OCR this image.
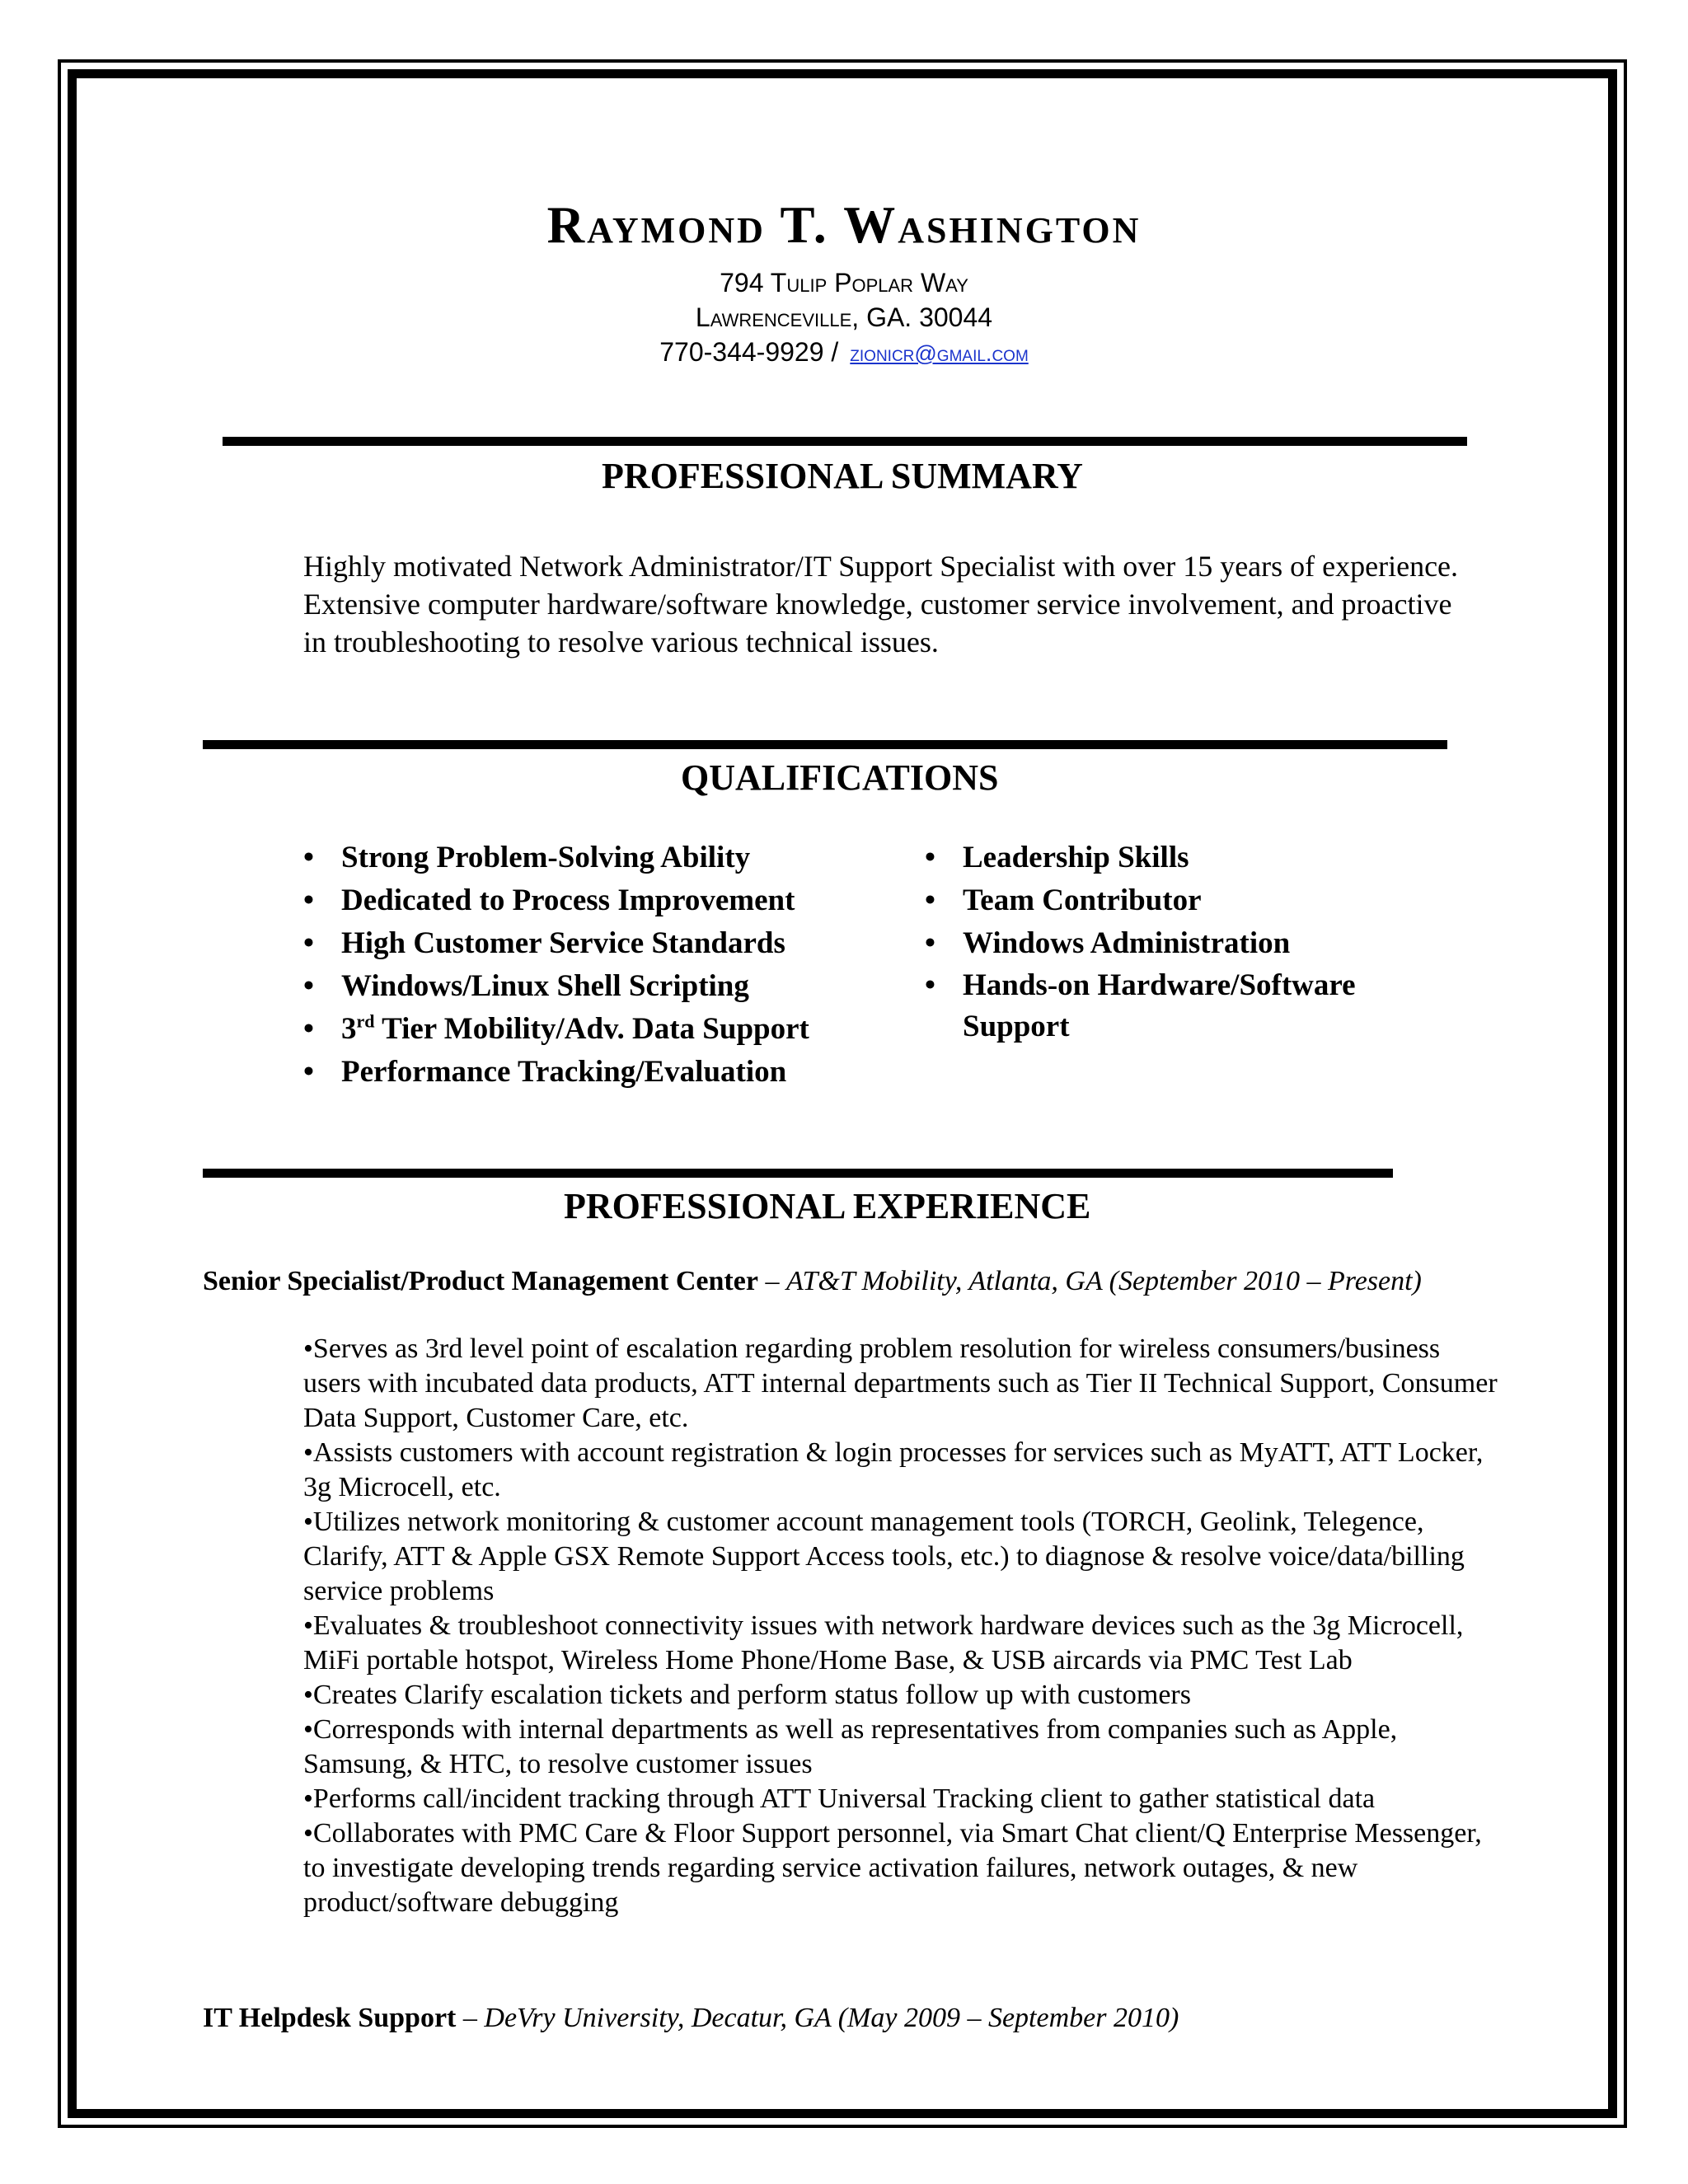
Raymond T. Washington
794 Tulip Poplar Way
Lawrenceville, GA. 30044
770-344-9929 / zionicr@gmail.com
PROFESSIONAL SUMMARY
Highly motivated Network Administrator/IT Support Specialist with over 15 years of experience. Extensive computer hardware/software knowledge, customer service involvement, and proactive in troubleshooting to resolve various technical issues.
QUALIFICATIONS
• Strong Problem-Solving Ability
• Dedicated to Process Improvement
• High Customer Service Standards
• Windows/Linux Shell Scripting
• 3rd Tier Mobility/Adv. Data Support
• Performance Tracking/Evaluation
• Leadership Skills
• Team Contributor
• Windows Administration
• Hands-on Hardware/Software Support
PROFESSIONAL EXPERIENCE
Senior Specialist/Product Management Center – AT&T Mobility, Atlanta, GA (September 2010 – Present)
•Serves as 3rd level point of escalation regarding problem resolution for wireless consumers/business users with incubated data products, ATT internal departments such as Tier II Technical Support, Consumer Data Support, Customer Care, etc.
•Assists customers with account registration & login processes for services such as MyATT, ATT Locker, 3g Microcell, etc.
•Utilizes network monitoring & customer account management tools (TORCH, Geolink, Telegence, Clarify, ATT & Apple GSX Remote Support Access tools, etc.) to diagnose & resolve voice/data/billing service problems
•Evaluates & troubleshoot connectivity issues with network hardware devices such as the 3g Microcell, MiFi portable hotspot, Wireless Home Phone/Home Base, & USB aircards via PMC Test Lab
•Creates Clarify escalation tickets and perform status follow up with customers
•Corresponds with internal departments as well as representatives from companies such as Apple, Samsung, & HTC, to resolve customer issues
•Performs call/incident tracking through ATT Universal Tracking client to gather statistical data
•Collaborates with PMC Care & Floor Support personnel, via Smart Chat client/Q Enterprise Messenger, to investigate developing trends regarding service activation failures, network outages, & new product/software debugging
IT Helpdesk Support – DeVry University, Decatur, GA (May 2009 – September 2010)
